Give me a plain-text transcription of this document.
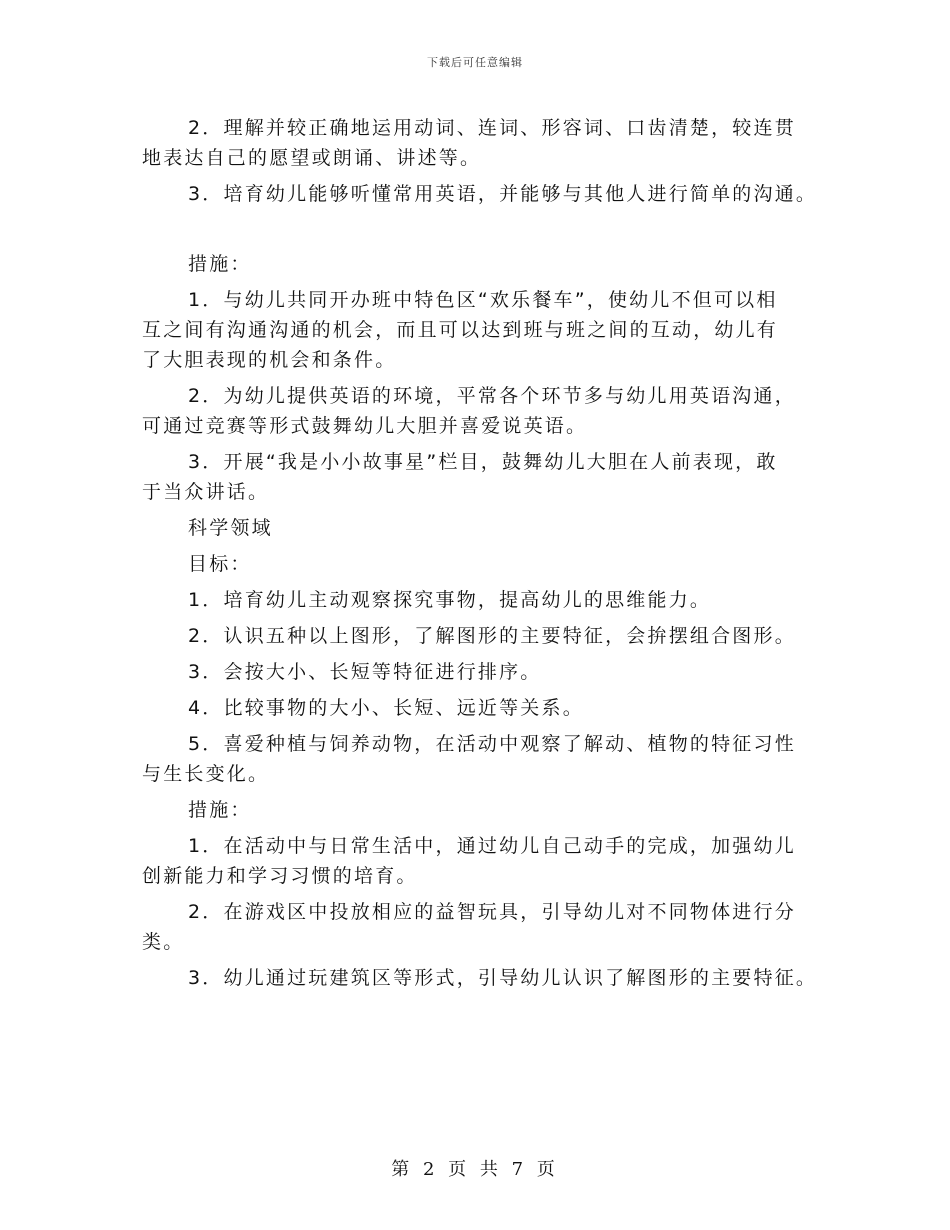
下载后可任意编辑
2．理解并较正确地运用动词、连词、形容词、口齿清楚，较连贯
地表达自己的愿望或朗诵、讲述等。
3．培育幼儿能够听懂常用英语，并能够与其他人进行简单的沟通。
措施：
1．与幼儿共同开办班中特色区“欢乐餐车”，使幼儿不但可以相
互之间有沟通沟通的机会，而且可以达到班与班之间的互动，幼儿有
了大胆表现的机会和条件。
2．为幼儿提供英语的环境，平常各个环节多与幼儿用英语沟通，
可通过竞赛等形式鼓舞幼儿大胆并喜爱说英语。
3．开展“我是小小故事星”栏目，鼓舞幼儿大胆在人前表现，敢
于当众讲话。
科学领域
目标：
1．培育幼儿主动观察探究事物，提高幼儿的思维能力。
2．认识五种以上图形，了解图形的主要特征，会拚摆组合图形。
3．会按大小、长短等特征进行排序。
4．比较事物的大小、长短、远近等关系。
5．喜爱种植与饲养动物，在活动中观察了解动、植物的特征习性
与生长变化。
措施：
1．在活动中与日常生活中，通过幼儿自己动手的完成，加强幼儿
创新能力和学习习惯的培育。
2．在游戏区中投放相应的益智玩具，引导幼儿对不同物体进行分
类。
3．幼儿通过玩建筑区等形式，引导幼儿认识了解图形的主要特征。
第 2 页 共 7 页
